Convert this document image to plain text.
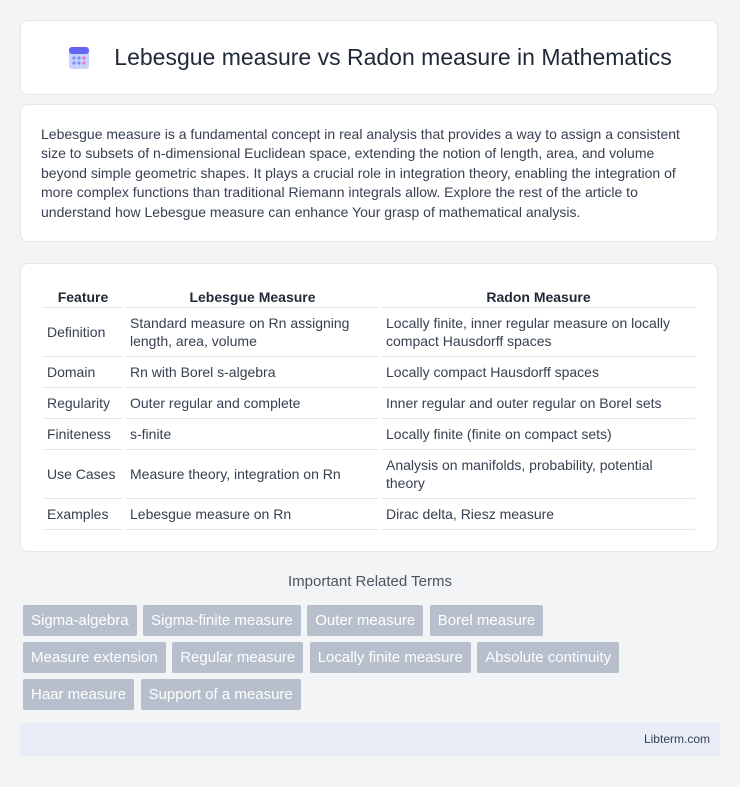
Lebesgue measure vs Radon measure in Mathematics

Lebesgue measure is a fundamental concept in real analysis that provides a way to assign a consistent size to subsets of n-dimensional Euclidean space, extending the notion of length, area, and volume beyond simple geometric shapes. It plays a crucial role in integration theory, enabling the integration of more complex functions than traditional Riemann integrals allow. Explore the rest of the article to understand how Lebesgue measure can enhance Your grasp of mathematical analysis.

Feature	Lebesgue Measure	Radon Measure
Definition	Standard measure on Rn assigning length, area, volume	Locally finite, inner regular measure on locally compact Hausdorff spaces
Domain	Rn with Borel s-algebra	Locally compact Hausdorff spaces
Regularity	Outer regular and complete	Inner regular and outer regular on Borel sets
Finiteness	s-finite	Locally finite (finite on compact sets)
Use Cases	Measure theory, integration on Rn	Analysis on manifolds, probability, potential theory
Examples	Lebesgue measure on Rn	Dirac delta, Riesz measure
Important Related Terms
Sigma-algebra Sigma-finite measure Outer measure Borel measure
Measure extension Regular measure Locally finite measure Absolute continuity
Haar measure Support of a measure
Libterm.com
